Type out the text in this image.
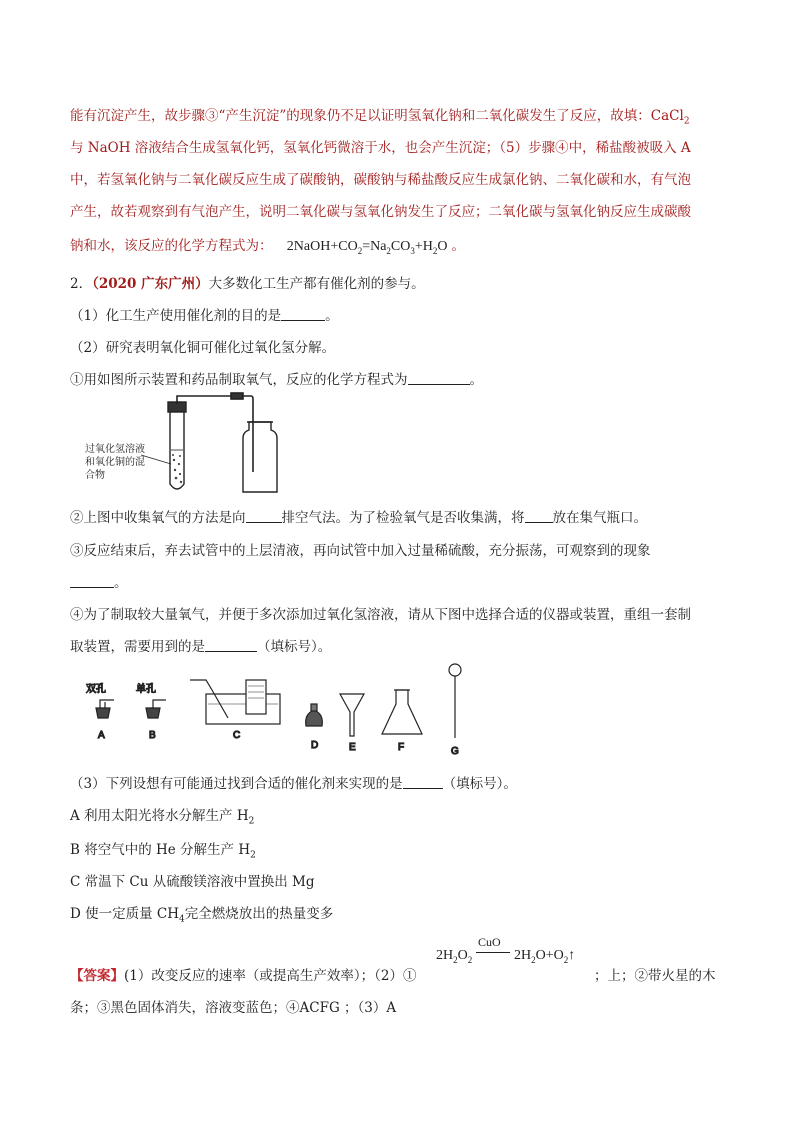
能有沉淀产生，故步骤③“产生沉淀”的现象仍不足以证明氢氧化钠和二氧化碳发生了反应，故填：CaCl$_2$
与 NaOH 溶液结合生成氢氧化钙，氢氧化钙微溶于水，也会产生沉淀；（5）步骤④中，稀盐酸被吸入 A
中，若氢氧化钠与二氧化碳反应生成了碳酸钠，碳酸钠与稀盐酸反应生成氯化钠、二氧化碳和水，有气泡
产生，故若观察到有气泡产生，说明二氧化碳与氢氧化钠发生了反应；二氧化碳与氢氧化钠反应生成碳酸
钠和水，该反应的化学方程式为： $2NaOH+CO_2=Na_2CO_3+H_2O$ 。
2．（2020 广东广州）大多数化工生产都有催化剂的参与。
（1）化工生产使用催化剂的目的是	。
（2）研究表明氧化铜可催化过氧化氢分解。
①用如图所示装置和药品制取氧气，反应的化学方程式为	。
过氧化氢溶液
和氧化铜的混
合物
②上图中收集氧气的方法是向	排空气法。为了检验氧气是否收集满，将 放在集气瓶口。
③反应结束后，弃去试管中的上层清液，再向试管中加入过量稀硫酸，充分振荡，可观察到的现象
。
④为了制取较大量氧气，并便于多次添加过氧化氢溶液，请从下图中选择合适的仪器或装置，重组一套制
取装置，需要用到的是	（填标号）。
双孔
A
单孔
B	C
D	E	F	G
（3）下列设想有可能通过找到合适的催化剂来实现的是	（填标号）。
A 利用太阳光将水分解生产 $H_2$
B 将空气中的 He 分解生产 $H_2$
C 常温下 Cu 从硫酸镁溶液中置换出 Mg
D 使一定质量 $CH_4$完全燃烧放出的热量变多
【答案】(1）改变反应的速率（或提高生产效率）；（2）①
$2H_2O_2$
CuO
$2H_2O+O_2↑$
；上；②带火星的木
条；③黑色固体消失，溶液变蓝色；④ACFG ；（3）A
